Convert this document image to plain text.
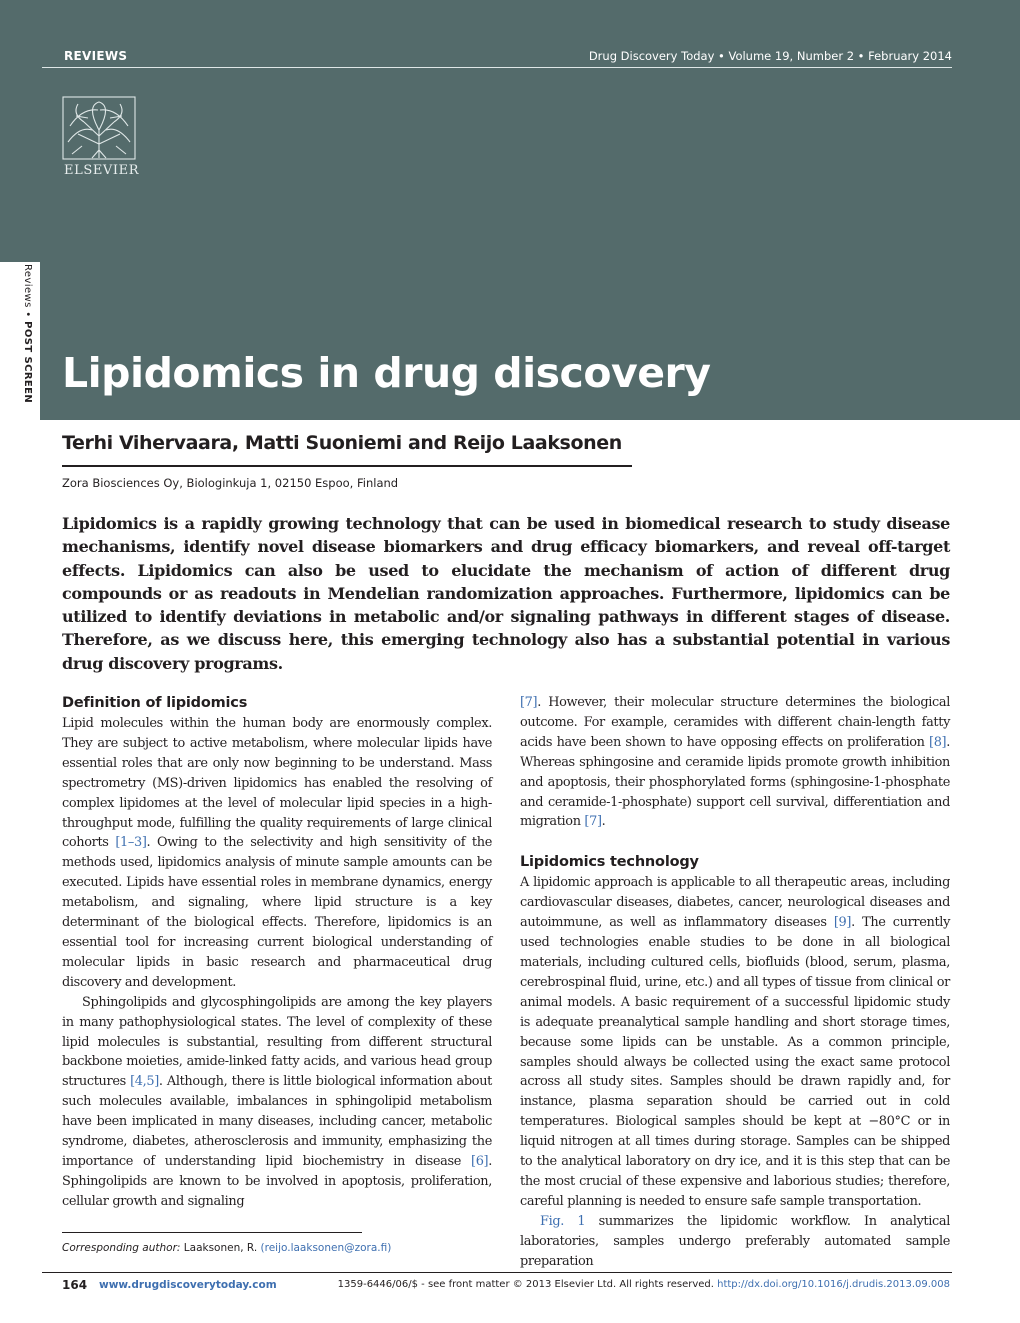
REVIEWS	Drug Discovery Today • Volume 19, Number 2 • February 2014
ELSEVIER
Reviews • POST SCREEN Lipidomics in drug discovery
Terhi Vihervaara, Matti Suoniemi and Reijo Laaksonen
Zora Biosciences Oy, Biologinkuja 1, 02150 Espoo, Finland

Lipidomics is a rapidly growing technology that can be used in biomedical research to study disease mechanisms, identify novel disease biomarkers and drug efficacy biomarkers, and reveal off-target effects. Lipidomics can also be used to elucidate the mechanism of action of different drug compounds or as readouts in Mendelian randomization approaches. Furthermore, lipidomics can be utilized to identify deviations in metabolic and/or signaling pathways in different stages of disease. Therefore, as we discuss here, this emerging technology also has a substantial potential in various drug discovery programs.

Definition of lipidomics

Lipid molecules within the human body are enormously complex. They are subject to active metabolism, where molecular lipids have essential roles that are only now beginning to be understand. Mass spectrometry (MS)-driven lipidomics has enabled the resolving of complex lipidomes at the level of molecular lipid species in a high-throughput mode, fulfilling the quality requirements of large clinical cohorts [1–3]. Owing to the selectivity and high sensitivity of the methods used, lipidomics analysis of minute sample amounts can be executed. Lipids have essential roles in membrane dynamics, energy metabolism, and signaling, where lipid structure is a key determinant of the biological effects. Therefore, lipidomics is an essential tool for increasing current biological understanding of molecular lipids in basic research and pharmaceutical drug discovery and development.

Sphingolipids and glycosphingolipids are among the key players in many pathophysiological states. The level of complexity of these lipid molecules is substantial, resulting from different structural backbone moieties, amide-linked fatty acids, and various head group structures [4,5]. Although, there is little biological information about such molecules available, imbalances in sphingolipid metabolism have been implicated in many diseases, including cancer, metabolic syndrome, diabetes, atherosclerosis and immunity, emphasizing the importance of understanding lipid biochemistry in disease [6]. Sphingolipids are known to be involved in apoptosis, proliferation, cellular growth and signaling

[7]. However, their molecular structure determines the biological outcome. For example, ceramides with different chain-length fatty acids have been shown to have opposing effects on proliferation [8]. Whereas sphingosine and ceramide lipids promote growth inhibition and apoptosis, their phosphorylated forms (sphingosine-1-phosphate and ceramide-1-phosphate) support cell survival, differentiation and migration [7].

Lipidomics technology

A lipidomic approach is applicable to all therapeutic areas, including cardiovascular diseases, diabetes, cancer, neurological diseases and autoimmune, as well as inflammatory diseases [9]. The currently used technologies enable studies to be done in all biological materials, including cultured cells, biofluids (blood, serum, plasma, cerebrospinal fluid, urine, etc.) and all types of tissue from clinical or animal models. A basic requirement of a successful lipidomic study is adequate preanalytical sample handling and short storage times, because some lipids can be unstable. As a common principle, samples should always be collected using the exact same protocol across all study sites. Samples should be drawn rapidly and, for instance, plasma separation should be carried out in cold temperatures. Biological samples should be kept at −80°C or in liquid nitrogen at all times during storage. Samples can be shipped to the analytical laboratory on dry ice, and it is this step that can be the most crucial of these expensive and laborious studies; therefore, careful planning is needed to ensure safe sample transportation.

Fig. 1 summarizes the lipidomic workflow. In analytical laboratories, samples undergo preferably automated sample preparation

Corresponding author: Laaksonen, R. (reijo.laaksonen@zora.fi)
164 www.drugdiscoverytoday.com	1359-6446/06/$ - see front matter © 2013 Elsevier Ltd. All rights reserved. http://dx.doi.org/10.1016/j.drudis.2013.09.008
